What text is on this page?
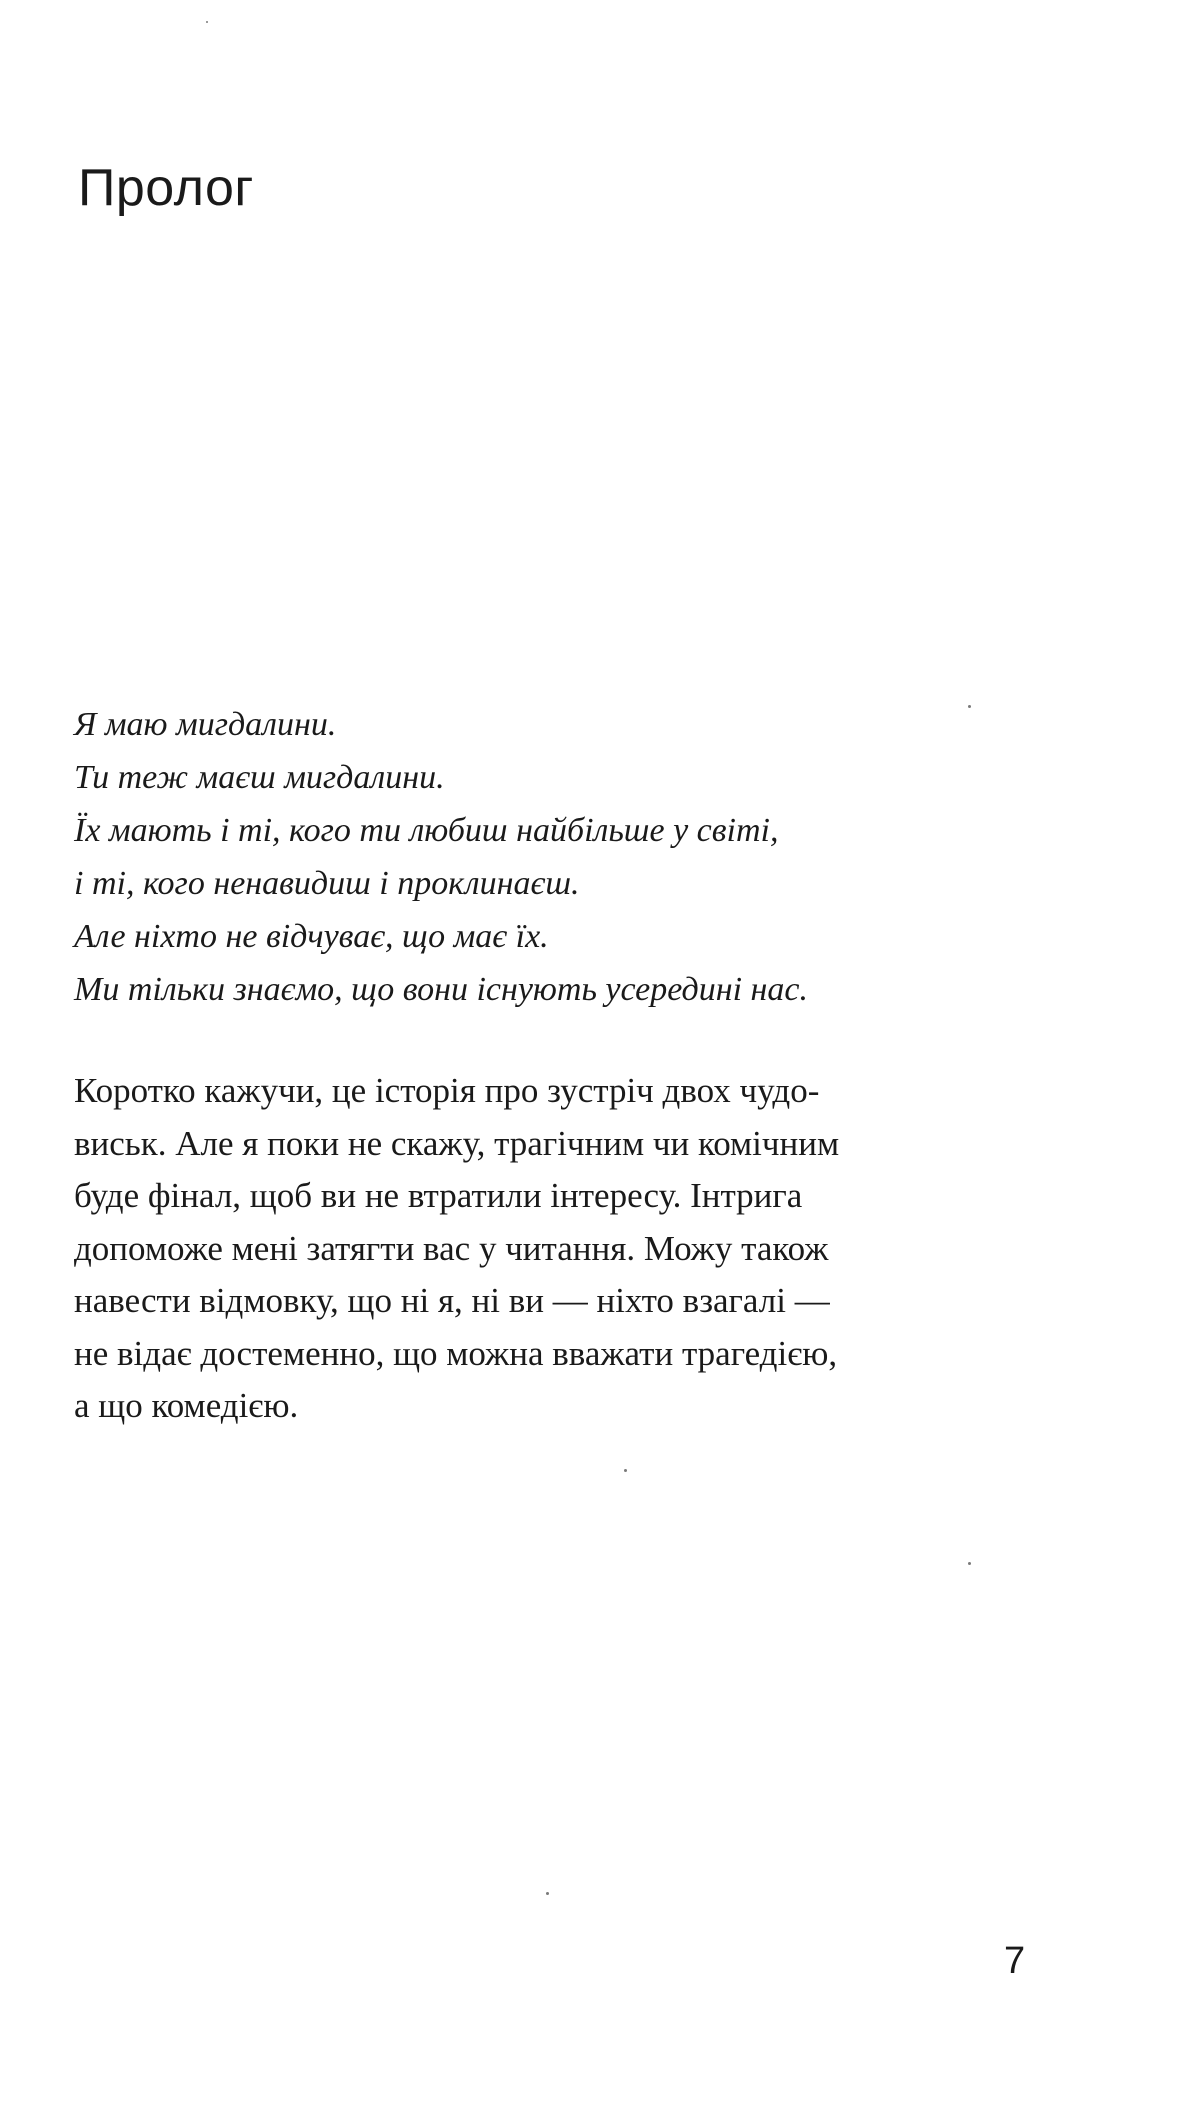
Пролог

Я маю мигдалини.
Ти теж маєш мигдалини.
Їх мають і ті, кого ти любиш найбільше у світі,
і ті, кого ненавидиш і проклинаєш.
Але ніхто не відчуває, що має їх.
Ми тільки знаємо, що вони існують усередині нас.

Коротко кажучи, це історія про зустріч двох чудо-
виськ. Але я поки не скажу, трагічним чи комічним
буде фінал, щоб ви не втратили інтересу. Інтрига
допоможе мені затягти вас у читання. Можу також
навести відмовку, що ні я, ні ви — ніхто взагалі —
не відає достеменно, що можна вважати трагедією,
а що комедією.

7
